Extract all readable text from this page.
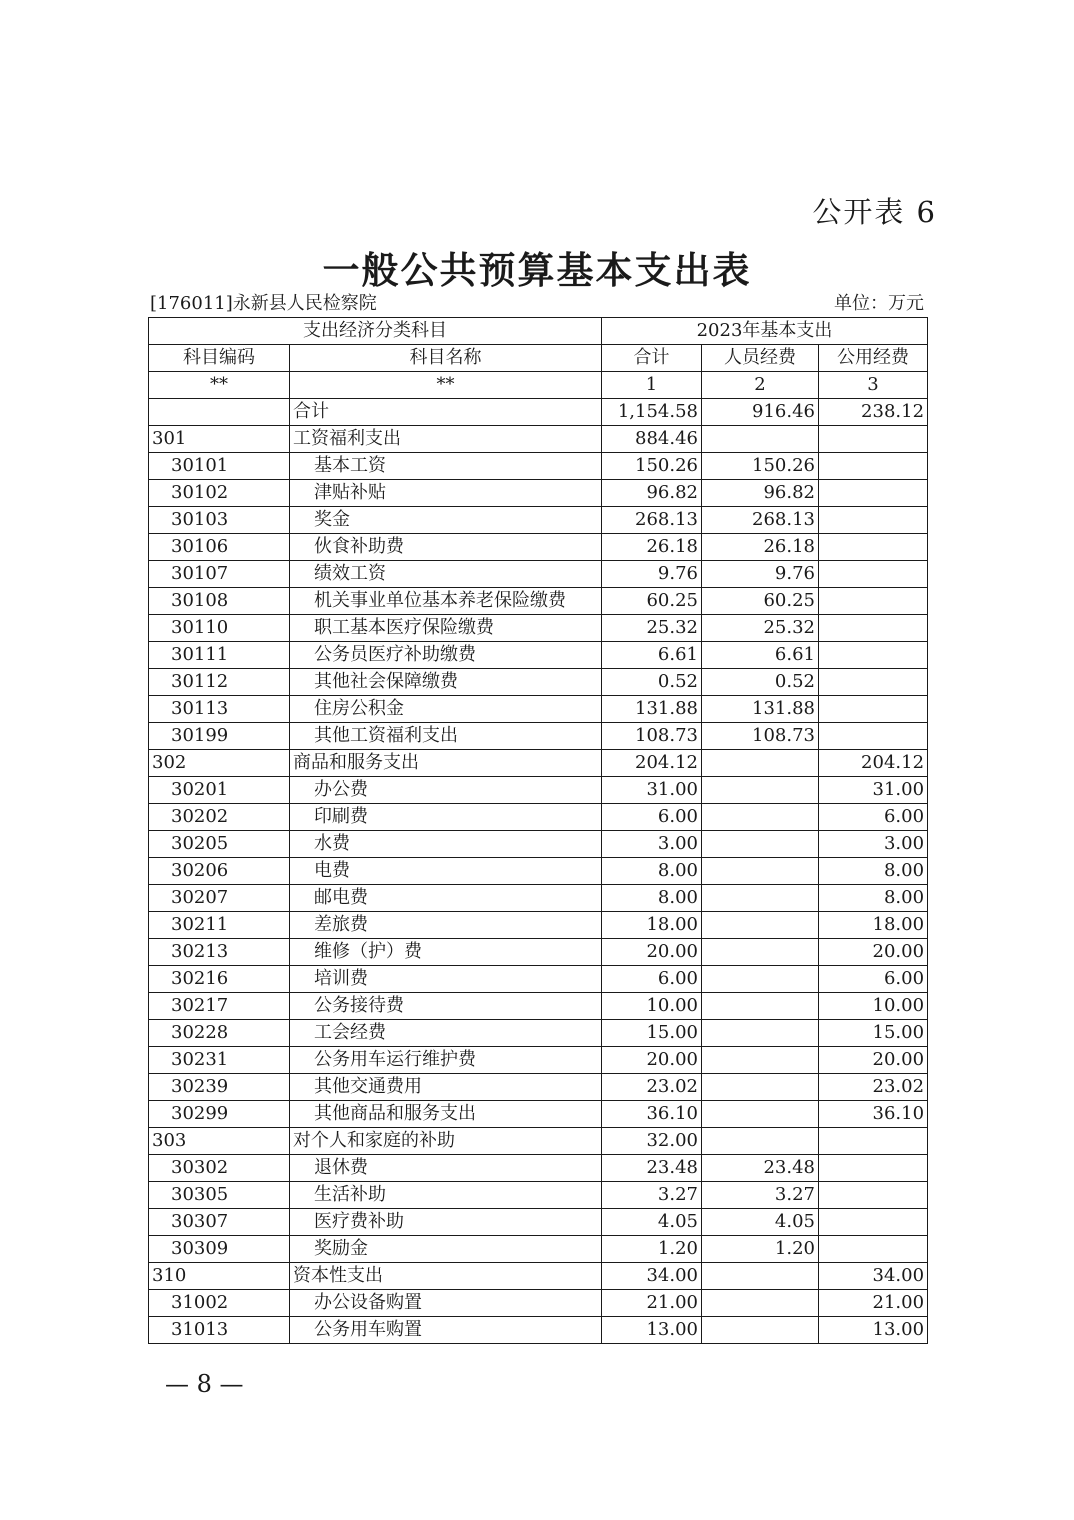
公开表 6
一般公共预算基本支出表
[176011]永新县人民检察院	单位：万元
支出经济分类科目		2023年基本支出		
科目编码	科目名称	合计	人员经费	公用经费
**	**	1	2	3
	合计	1,154.58	916.46	238.12
301	工资福利支出	884.46		
30101	基本工资	150.26	150.26	
30102	津贴补贴	96.82	96.82	
30103	奖金	268.13	268.13	
30106	伙食补助费	26.18	26.18	
30107	绩效工资	9.76	9.76	
30108	机关事业单位基本养老保险缴费	60.25	60.25	
30110	职工基本医疗保险缴费	25.32	25.32	
30111	公务员医疗补助缴费	6.61	6.61	
30112	其他社会保障缴费	0.52	0.52	
30113	住房公积金	131.88	131.88	
30199	其他工资福利支出	108.73	108.73	
302	商品和服务支出	204.12		204.12
30201	办公费	31.00		31.00
30202	印刷费	6.00		6.00
30205	水费	3.00		3.00
30206	电费	8.00		8.00
30207	邮电费	8.00		8.00
30211	差旅费	18.00		18.00
30213	维修（护）费	20.00		20.00
30216	培训费	6.00		6.00
30217	公务接待费	10.00		10.00
30228	工会经费	15.00		15.00
30231	公务用车运行维护费	20.00		20.00
30239	其他交通费用	23.02		23.02
30299	其他商品和服务支出	36.10		36.10
303	对个人和家庭的补助	32.00		
30302	退休费	23.48	23.48	
30305	生活补助	3.27	3.27	
30307	医疗费补助	4.05	4.05	
30309	奖励金	1.20	1.20	
310	资本性支出	34.00		34.00
31002	办公设备购置	21.00		21.00
31013	公务用车购置	13.00		13.00
— 8 —
